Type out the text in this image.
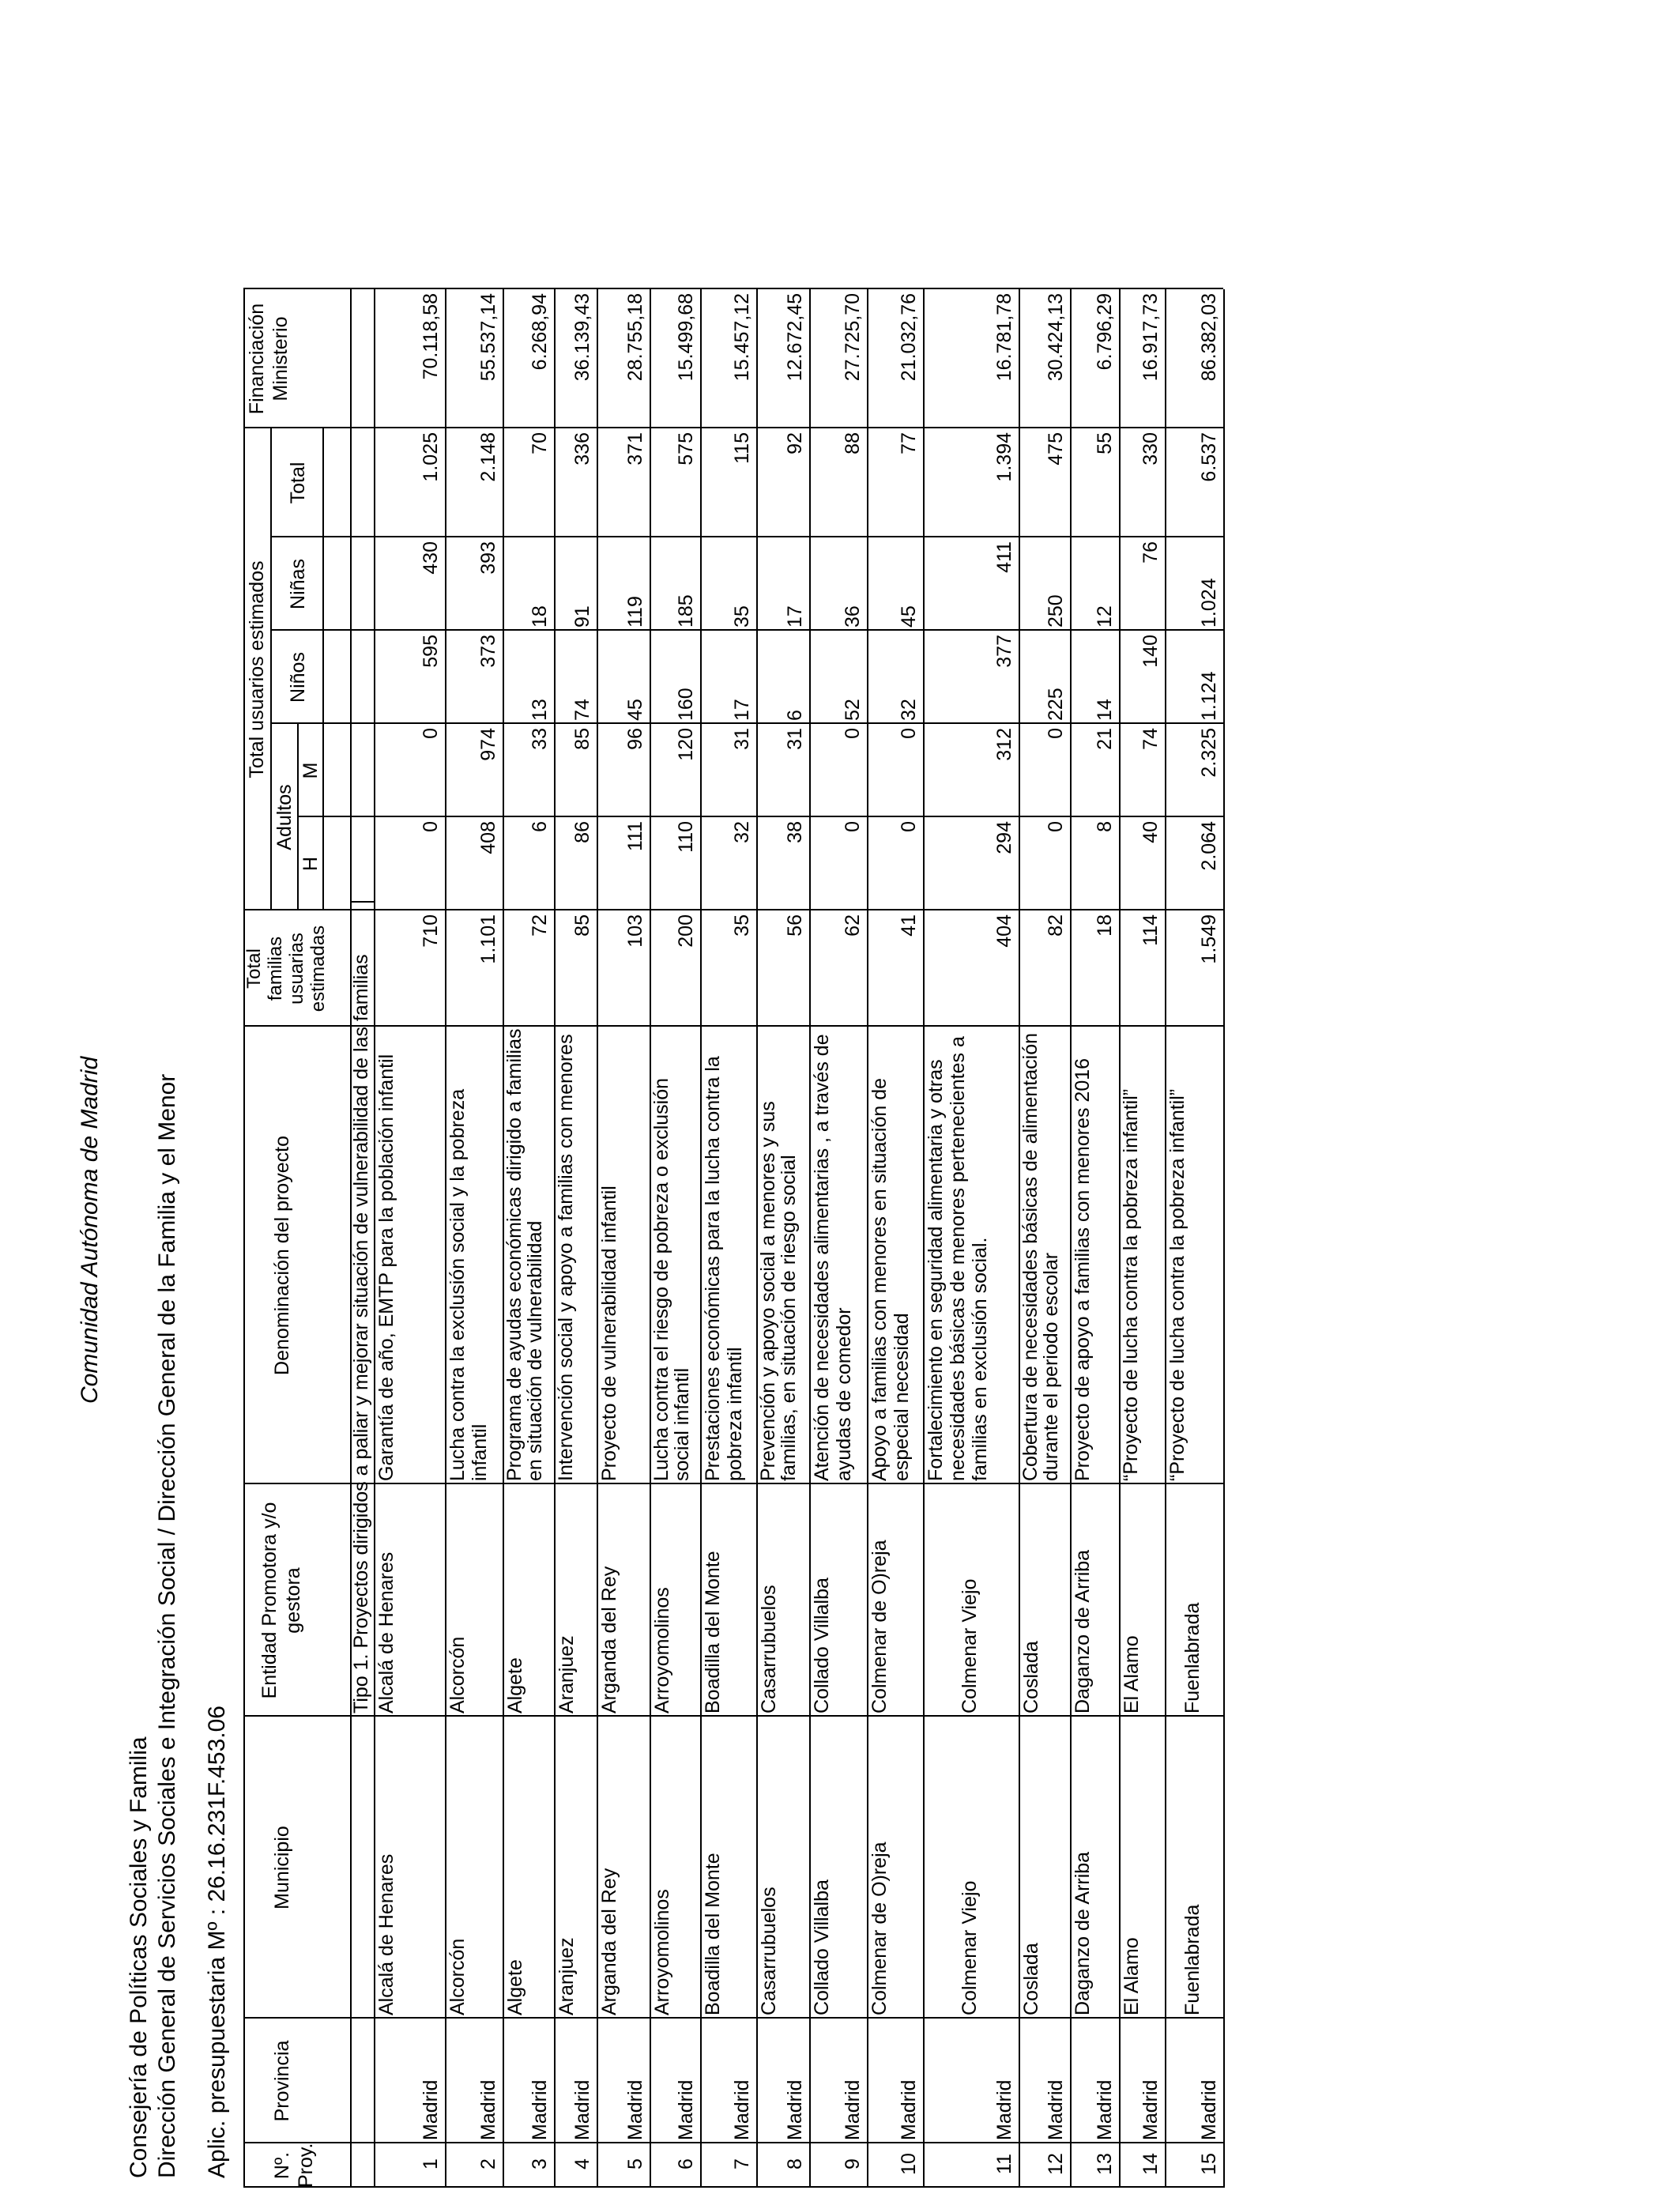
Comunidad Autónoma de Madrid
Consejería de Políticas Sociales y Familia Dirección General de Servicios Sociales e Integración Social / Dirección General de la Familia y el Menor Aplic. presupuestaria Mº : 26.16.231F.453.06	Nº. Proy.
Provincia
Municipio
Entidad Promotora y/o gestora
Denominación del proyecto
Total familias usuarias estimadas
Total usuarios estimados
Adultos
H
M
Niños
Niñas
Total
Financiación Ministerio
Tipo 1. Proyectos dirigidos a paliar y mejorar situación de vulnerabilidad de las familias
1
Madrid
Alcalá de Henares
Alcalá de Henares
Garantía de año, EMTP para la población infantil
710
0
0
595
430
1.025
70.118,58
2
Madrid
Alcorcón
Alcorcón
Lucha contra la exclusión social y la pobreza infantil
1.101
408
974
373
393
2.148
55.537,14
3
Madrid
Algete
Algete
Programa de ayudas económicas dirigido a familias en situación de vulnerabilidad
72
6
33
13
18
70
6.268,94
4
Madrid
Aranjuez
Aranjuez
Intervención social y apoyo a familias con menores
85
86
85
74
91
336
36.139,43
5
Madrid
Arganda del Rey
Arganda del Rey
Proyecto de vulnerabilidad infantil
103
111
96
45
119
371
28.755,18
6
Madrid
Arroyomolinos
Arroyomolinos
Lucha contra el riesgo de pobreza o exclusión social infantil
200
110
120
160
185
575
15.499,68
7
Madrid
Boadilla del Monte
Boadilla del Monte
Prestaciones económicas para la lucha contra la pobreza infantil
35
32
31
17
35
115
15.457,12
8
Madrid
Casarrubuelos
Casarrubuelos
Prevención y apoyo social a menores y sus familias, en situación de riesgo social
56
38
31
6
17
92
12.672,45
9
Madrid
Collado Villalba
Collado Villalba
Atención de necesidades alimentarias , a través de ayudas de comedor
62
0
0
52
36
88
27.725,70
10
Madrid
Colmenar de O)reja
Colmenar de O)reja
Apoyo a familias con menores en situación de especial necesidad
41
0
0
32
45
77
21.032,76
11
Madrid
Colmenar Viejo
Colmenar Viejo
Fortalecimiento en seguridad alimentaria y otras necesidades básicas de menores pertenecientes a familias en exclusión social.
404
294
312
377
411
1.394
16.781,78
12
Madrid
Coslada
Coslada
Cobertura de necesidades básicas de alimentación durante el periodo escolar
82
0
0
225
250
475
30.424,13
13
Madrid
Daganzo de Arriba
Daganzo de Arriba
Proyecto de apoyo a familias con menores 2016
18
8
21
14
12
55
6.796,29
14
Madrid
El Alamo
El Alamo
“Proyecto de lucha contra la pobreza infantil”
114
40
74
140
76
330
16.917,73
15
Madrid
Fuenlabrada
Fuenlabrada
“Proyecto de lucha contra la pobreza infantil”
1.549
2.064
2.325
1.124
1.024
6.537
86.382,03
